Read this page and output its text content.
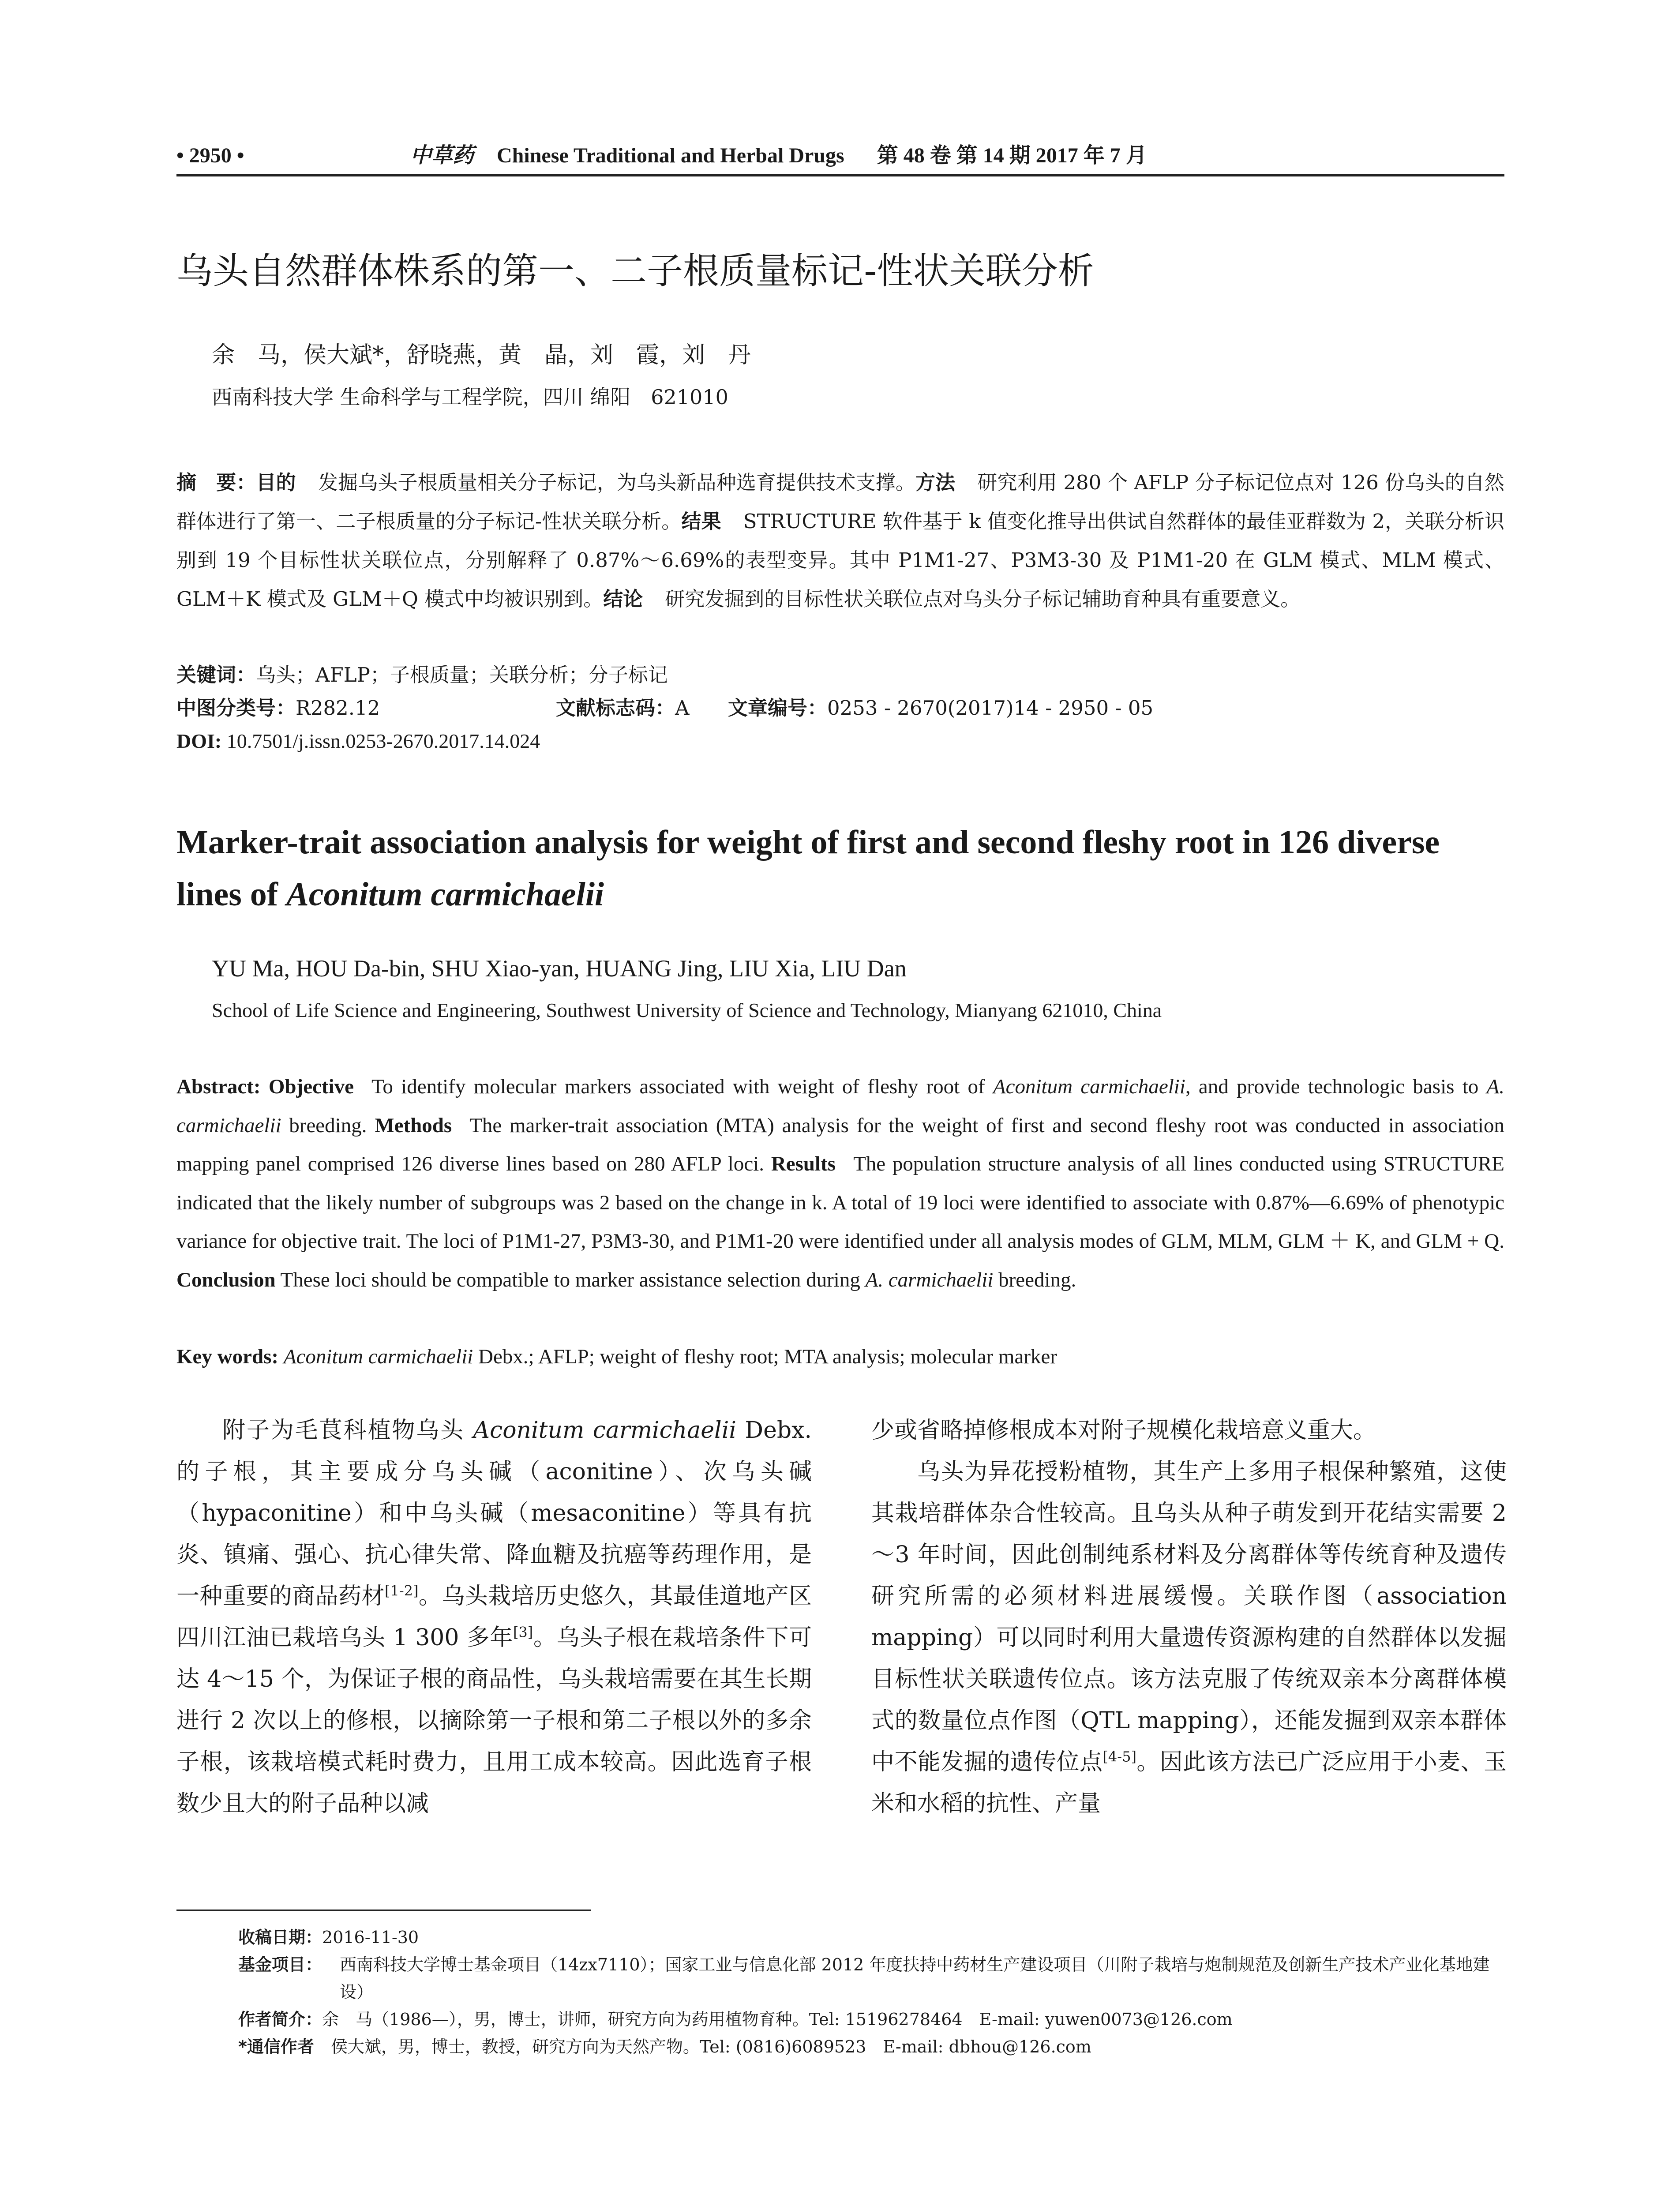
• 2950 •	中草药 Chinese Traditional and Herbal Drugs 第 48 卷 第 14 期 2017 年 7 月
乌头自然群体株系的第一、二子根质量标记-性状关联分析
余　马，侯大斌*，舒晓燕，黄　晶，刘　霞，刘　丹
西南科技大学 生命科学与工程学院，四川 绵阳　621010
摘　要：目的 发掘乌头子根质量相关分子标记，为乌头新品种选育提供技术支撑。方法 研究利用 280 个 AFLP 分子标记位点对 126 份乌头的自然群体进行了第一、二子根质量的分子标记-性状关联分析。结果 STRUCTURE 软件基于 k 值变化推导出供试自然群体的最佳亚群数为 2，关联分析识别到 19 个目标性状关联位点，分别解释了 0.87%～6.69%的表型变异。其中 P1M1-27、P3M3-30 及 P1M1-20 在 GLM 模式、MLM 模式、GLM＋K 模式及 GLM＋Q 模式中均被识别到。结论 研究发掘到的目标性状关联位点对乌头分子标记辅助育种具有重要意义。
关键词：乌头；AFLP；子根质量；关联分析；分子标记
中图分类号：R282.12	文献标志码：A 文章编号：0253 - 2670(2017)14 - 2950 - 05
DOI: 10.7501/j.issn.0253-2670.2017.14.024
Marker-trait association analysis for weight of first and second fleshy root in 126 diverse lines of Aconitum carmichaelii
YU Ma, HOU Da-bin, SHU Xiao-yan, HUANG Jing, LIU Xia, LIU Dan
School of Life Science and Engineering, Southwest University of Science and Technology, Mianyang 621010, China
Abstract: Objective To identify molecular markers associated with weight of fleshy root of Aconitum carmichaelii, and provide technologic basis to A. carmichaelii breeding. Methods The marker-trait association (MTA) analysis for the weight of first and second fleshy root was conducted in association mapping panel comprised 126 diverse lines based on 280 AFLP loci. Results The population structure analysis of all lines conducted using STRUCTURE indicated that the likely number of subgroups was 2 based on the change in k. A total of 19 loci were identified to associate with 0.87%—6.69% of phenotypic variance for objective trait. The loci of P1M1-27, P3M3-30, and P1M1-20 were identified under all analysis modes of GLM, MLM, GLM ＋ K, and GLM + Q. Conclusion These loci should be compatible to marker assistance selection during A. carmichaelii breeding.
Key words: Aconitum carmichaelii Debx.; AFLP; weight of fleshy root; MTA analysis; molecular marker

附子为毛茛科植物乌头 Aconitum carmichaelii Debx. 的子根，其主要成分乌头碱（aconitine）、次乌头碱（hypaconitine）和中乌头碱（mesaconitine）等具有抗炎、镇痛、强心、抗心律失常、降血糖及抗癌等药理作用，是一种重要的商品药材[1-2]。乌头栽培历史悠久，其最佳道地产区四川江油已栽培乌头 1 300 多年[3]。乌头子根在栽培条件下可达 4～15 个，为保证子根的商品性，乌头栽培需要在其生长期进行 2 次以上的修根，以摘除第一子根和第二子根以外的多余子根，该栽培模式耗时费力，且用工成本较高。因此选育子根数少且大的附子品种以减

少或省略掉修根成本对附子规模化栽培意义重大。

乌头为异花授粉植物，其生产上多用子根保种繁殖，这使其栽培群体杂合性较高。且乌头从种子萌发到开花结实需要 2～3 年时间，因此创制纯系材料及分离群体等传统育种及遗传研究所需的必须材料进展缓慢。关联作图（association mapping）可以同时利用大量遗传资源构建的自然群体以发掘目标性状关联遗传位点。该方法克服了传统双亲本分离群体模式的数量位点作图（QTL mapping），还能发掘到双亲本群体中不能发掘的遗传位点[4-5]。因此该方法已广泛应用于小麦、玉米和水稻的抗性、产量

收稿日期：2016-11-30
基金项目： 西南科技大学博士基金项目（14zx7110）；国家工业与信息化部 2012 年度扶持中药材生产建设项目（川附子栽培与炮制规范及创新生产技术产业化基地建设）
作者简介：余　马（1986—），男，博士，讲师，研究方向为药用植物育种。Tel: 15196278464　E-mail: yuwen0073@126.com
*通信作者　 侯大斌，男，博士，教授，研究方向为天然产物。Tel: (0816)6089523　E-mail: dbhou@126.com
